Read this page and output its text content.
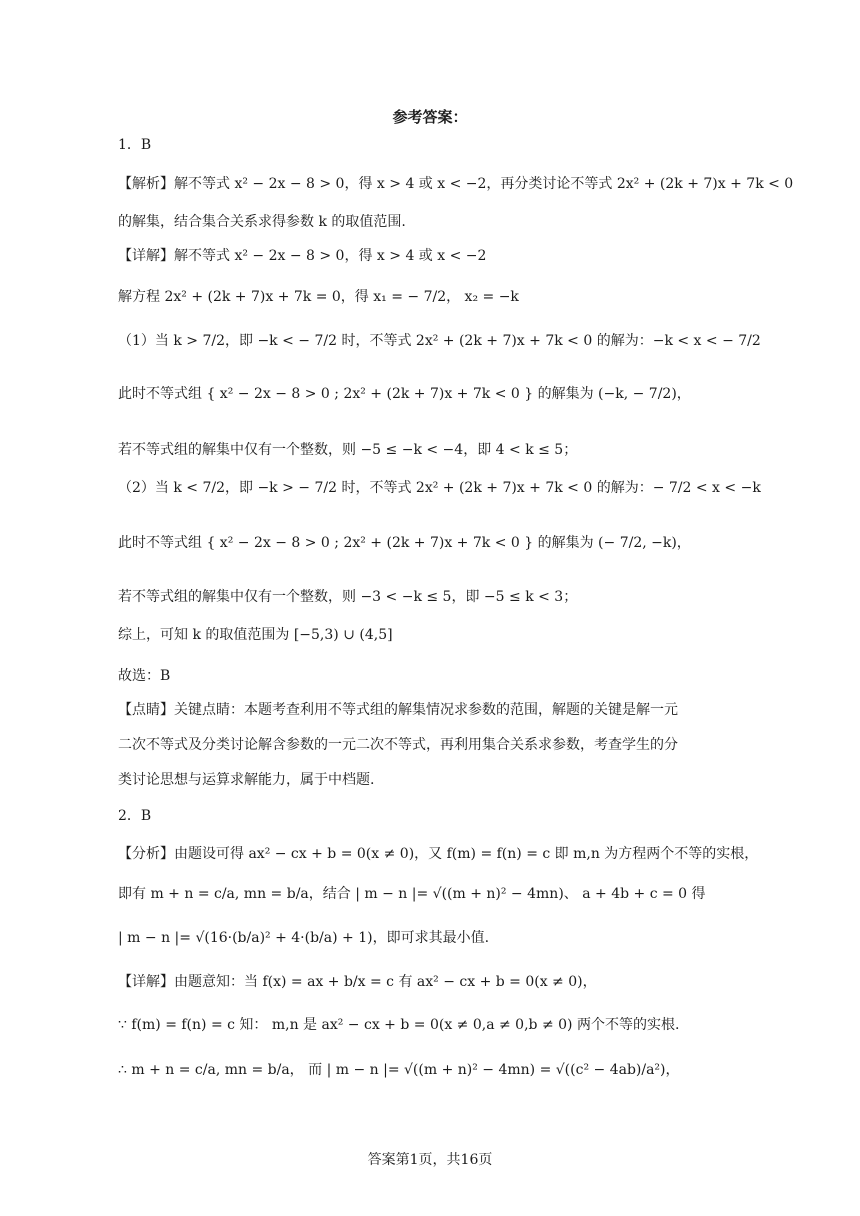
参考答案：
1．B
【解析】解不等式 x² − 2x − 8 > 0，得 x > 4 或 x < −2，再分类讨论不等式 2x² + (2k + 7)x + 7k < 0
的解集，结合集合关系求得参数 k 的取值范围.
【详解】解不等式 x² − 2x − 8 > 0，得 x > 4 或 x < −2
解方程 2x² + (2k + 7)x + 7k = 0，得 x₁ = − 7/2， x₂ = −k
（1）当 k > 7/2，即 −k < − 7/2 时，不等式 2x² + (2k + 7)x + 7k < 0 的解为：−k < x < − 7/2
此时不等式组 { x² − 2x − 8 > 0 ; 2x² + (2k + 7)x + 7k < 0 } 的解集为 (−k, − 7/2)，
若不等式组的解集中仅有一个整数，则 −5 ≤ −k < −4，即 4 < k ≤ 5；
（2）当 k < 7/2，即 −k > − 7/2 时，不等式 2x² + (2k + 7)x + 7k < 0 的解为：− 7/2 < x < −k
此时不等式组 { x² − 2x − 8 > 0 ; 2x² + (2k + 7)x + 7k < 0 } 的解集为 (− 7/2, −k)，
若不等式组的解集中仅有一个整数，则 −3 < −k ≤ 5，即 −5 ≤ k < 3；
综上，可知 k 的取值范围为 [−5,3) ∪ (4,5]
故选：B
【点睛】关键点睛：本题考查利用不等式组的解集情况求参数的范围，解题的关键是解一元
二次不等式及分类讨论解含参数的一元二次不等式，再利用集合关系求参数，考查学生的分
类讨论思想与运算求解能力，属于中档题.
2．B
【分析】由题设可得 ax² − cx + b = 0(x ≠ 0)，又 f(m) = f(n) = c 即 m,n 为方程两个不等的实根，
即有 m + n = c/a, mn = b/a，结合 | m − n |= √((m + n)² − 4mn)、 a + 4b + c = 0 得
| m − n |= √(16·(b/a)² + 4·(b/a) + 1)，即可求其最小值.
【详解】由题意知：当 f(x) = ax + b/x = c 有 ax² − cx + b = 0(x ≠ 0)，
∵ f(m) = f(n) = c 知： m,n 是 ax² − cx + b = 0(x ≠ 0,a ≠ 0,b ≠ 0) 两个不等的实根.
∴ m + n = c/a, mn = b/a， 而 | m − n |= √((m + n)² − 4mn) = √((c² − 4ab)/a²)，
答案第1页，共16页
